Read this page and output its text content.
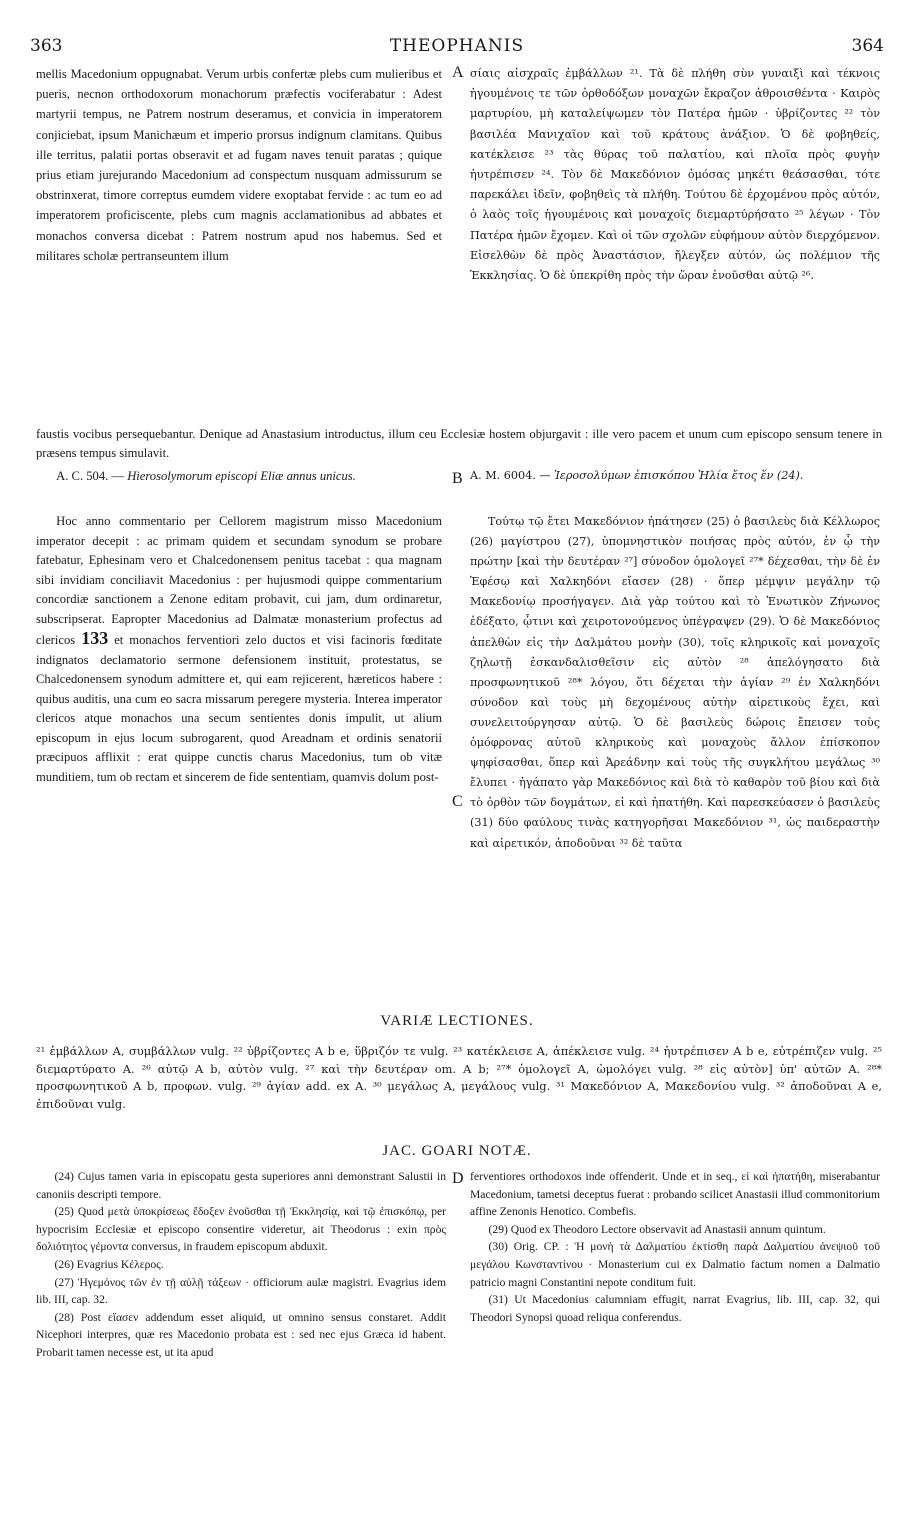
363	THEOPHANIS	364

mellis Macedonium oppugnabat. Verum urbis confertæ plebs cum mulieribus et pueris, necnon orthodoxorum monachorum præfectis vociferabatur : Adest martyrii tempus, ne Patrem nostrum deseramus, et convicia in imperatorem conjiciebat, ipsum Manichæum et imperio prorsus indignum clamitans. Quibus ille territus, palatii portas obseravit et ad fugam naves tenuit paratas ; quique prius etiam jurejurando Macedonium ad conspectum nusquam admissurum se obstrinxerat, timore correptus eumdem videre exoptabat fervide : ac tum eo ad imperatorem proficiscente, plebs cum magnis acclamationibus ad abbates et monachos conversa dicebat : Patrem nostrum apud nos habemus. Sed et militares scholæ pertranseuntem illum

A σίαις αἰσχραῖς ἐμβάλλων ²¹. Τὰ δὲ πλήθη σὺν γυναιξὶ καὶ τέκνοις ἡγουμένοις τε τῶν ὀρθοδόξων μοναχῶν ἔκραζον ἀθροισθέντα · Καιρὸς μαρτυρίου, μὴ καταλείψωμεν τὸν Πατέρα ἡμῶν · ὑβρίζοντες ²² τὸν βασιλέα Μανιχαῖον καὶ τοῦ κράτους ἀνάξιον. Ὁ δὲ φοβηθείς, κατέκλεισε ²³ τὰς θύρας τοῦ παλατίου, καὶ πλοῖα πρὸς φυγὴν ἡυτρέπισεν ²⁴. Τὸν δὲ Μακεδόνιον ὀμόσας μηκέτι θεάσασθαι, τότε παρεκάλει ἰδεῖν, φοβηθεὶς τὰ πλήθη. Τούτου δὲ ἐρχομένου πρὸς αὐτόν, ὁ λαὸς τοῖς ἡγουμένοις καὶ μοναχοῖς διεμαρτύρήσατο ²⁵ λέγων · Τὸν Πατέρα ἡμῶν ἔχομεν. Καὶ οἱ τῶν σχολῶν εὐφήμουν αὐτὸν διερχόμενον. Εἰσελθὼν δὲ πρὸς Ἀναστάσιον, ἤλεγξεν αὐτόν, ὡς πολέμιον τῆς Ἐκκλησίας. Ὁ δὲ ὑπεκρίθη πρὸς τὴν ὥραν ἑνοῦσθαι αὐτῷ ²⁶.

faustis vocibus persequebantur. Denique ad Anastasium introductus, illum ceu Ecclesiæ hostem objurgavit : ille vero pacem et unum cum episcopo sensum tenere in præsens tempus simulavit.

A. C. 504. — Hierosolymorum episcopi Eliæ annus unicus.	B A. M. 6004. — Ἱεροσολύμων ἐπισκόπου Ἠλία ἔτος ἕν (24).

Hoc anno commentario per Cellorem magistrum misso Macedonium imperator decepit : ac primam quidem et secundam synodum se probare fatebatur, Ephesinam vero et Chalcedonensem penitus tacebat : qua magnam sibi invidiam conciliavit Macedonius : per hujusmodi quippe commentarium concordiæ sanctionem a Zenone editam probavit, cui jam, dum ordinaretur, subscripserat. Eapropter Macedonius ad Dalmatæ monasterium profectus ad clericos 133 et monachos ferventiori zelo ductos et visi facinoris fœditate indignatos declamatorio sermone defensionem instituit, protestatus, se Chalcedonensem synodum admittere et, qui eam rejicerent, hæreticos habere : quibus auditis, una cum eo sacra missarum peregere mysteria. Interea imperator clericos atque monachos una secum sentientes donis impulit, ut alium episcopum in ejus locum subrogarent, quod Areadnam et ordinis senatorii præcipuos afflixit : erat quippe cunctis charus Macedonius, tum ob vitæ munditiem, tum ob rectam et sincerem de fide sententiam, quamvis dolum post-

C

Τούτῳ τῷ ἔτει Μακεδόνιον ἠπάτησεν (25) ὁ βασιλεὺς διὰ Κέλλωρος (26) μαγίστρου (27), ὑπομνηστικὸν ποιήσας πρὸς αὐτόν, ἐν ᾧ τὴν πρώτην [καὶ τὴν δευτέραν ²⁷] σύνοδον ὁμολογεῖ ²⁷* δέχεσθαι, τὴν δὲ ἐν Ἐφέσῳ καὶ Χαλκηδόνι εἴασεν (28) · ὅπερ μέμψιν μεγάλην τῷ Μακεδονίῳ προσήγαγεν. Διὰ γὰρ τούτου καὶ τὸ Ἑνωτικὸν Ζήνωνος ἐδέξατο, ᾧτινι καὶ χειροτονούμενος ὑπέγραψεν (29). Ὁ δὲ Μακεδόνιος ἀπελθὼν εἰς τὴν Δαλμάτου μονὴν (30), τοῖς κληρικοῖς καὶ μοναχοῖς ζηλωτῇ ἐσκανδαλισθεῖσιν εἰς αὐτὸν ²⁸ ἀπελόγησατο διὰ προσφωνητικοῦ ²⁸* λόγου, ὅτι δέχεται τὴν ἁγίαν ²⁹ ἐν Χαλκηδόνι σύνοδον καὶ τοὺς μὴ δεχομένους αὐτὴν αἱρετικοὺς ἔχει, καὶ συνελειτούργησαν αὐτῷ. Ὁ δὲ βασιλεὺς δώροις ἔπεισεν τοὺς ὁμόφρονας αὐτοῦ κληρικοὺς καὶ μοναχοὺς ἄλλον ἐπίσκοπον ψηφίσασθαι, ὅπερ καὶ Ἀρεάδνην καὶ τοὺς τῆς συγκλήτου μεγάλως ³⁰ ἔλυπει · ἠγάπατο γὰρ Μακεδόνιος καὶ διὰ τὸ καθαρὸν τοῦ βίου καὶ διὰ τὸ ὀρθὸν τῶν δογμάτων, εἰ καὶ ἠπατήθη. Καὶ παρεσκεύασεν ὁ βασιλεὺς (31) δύο φαύλους τινὰς κατηγορῆσαι Μακεδόνιον ³¹, ὡς παιδεραστὴν καὶ αἱρετικόν, ἀποδοῦναι ³² δὲ ταῦτα

VARIÆ LECTIONES.

²¹ ἐμβάλλων A, συμβάλλων vulg. ²² ὑβρίζοντες A b e, ὕβριζόν τε vulg. ²³ κατέκλεισε A, ἀπέκλεισε vulg. ²⁴ ἡυτρέπισεν A b e, εὐτρέπιζεν vulg. ²⁵ διεμαρτύρατο A. ²⁶ αὐτῷ A b, αὐτὸν vulg. ²⁷ καὶ τὴν δευτέραν om. A b; ²⁷* ὁμολογεῖ A, ὡμολόγει vulg. ²⁸ εἰς αὐτὸν] ὑπ' αὐτῶν A. ²⁸* προσφωνητικοῦ A b, προφων. vulg. ²⁹ ἁγίαν add. ex A. ³⁰ μεγάλως A, μεγάλους vulg. ³¹ Μακεδόνιον A, Μακεδονίου vulg. ³² ἀποδοῦναι A e, ἐπιδοῦναι vulg.

JAC. GOARI NOTÆ.

(24) Cujus tamen varia in episcopatu gesta superiores anni demonstrant Salustii in canoniis descripti tempore.

(25) Quod μετὰ ὑποκρίσεως ἔδοξεν ἑνοῦσθαι τῇ Ἐκκλησίᾳ, καὶ τῷ ἐπισκόπῳ, per hypocrisim Ecclesiæ et episcopo consentire videretur, ait Theodorus : exin πρὸς δολιότητος γέμοντα conversus, in fraudem episcopum abduxit.

(26) Evagrius Κέλερος.

(27) Ἡγεμόνος τῶν ἐν τῇ αὐλῇ τάξεων · officiorum aulæ magistri. Evagrius idem lib. III, cap. 32.

(28) Post εἴασεν addendum esset aliquid, ut omnino sensus constaret. Addit Nicephori interpres, quæ res Macedonio probata est : sed nec ejus Græca id habent. Probarit tamen necesse est, ut ita apud

D ferventiores orthodoxos inde offenderit. Unde et in seq., εἰ καὶ ἠπατήθη, miserabantur Macedonium, tametsi deceptus fuerat : probando scilicet Anastasii illud commonitorium affine Zenonis Henotico. Combefis.

(29) Quod ex Theodoro Lectore observavit ad Anastasii annum quintum.

(30) Orig. CP. : Ἡ μονὴ τὰ Δαλματίου ἐκτίσθη παρὰ Δαλματίου ἀνεψιοῦ τοῦ μεγάλου Κωνσταντίνου · Monasterium cui ex Dalmatio factum nomen a Dalmatio patricio magni Constantini nepote conditum fuit.

(31) Ut Macedonius calumniam effugit, narrat Evagrius, lib. III, cap. 32, qui Theodori Synopsi quoad reliqua conferendus.
